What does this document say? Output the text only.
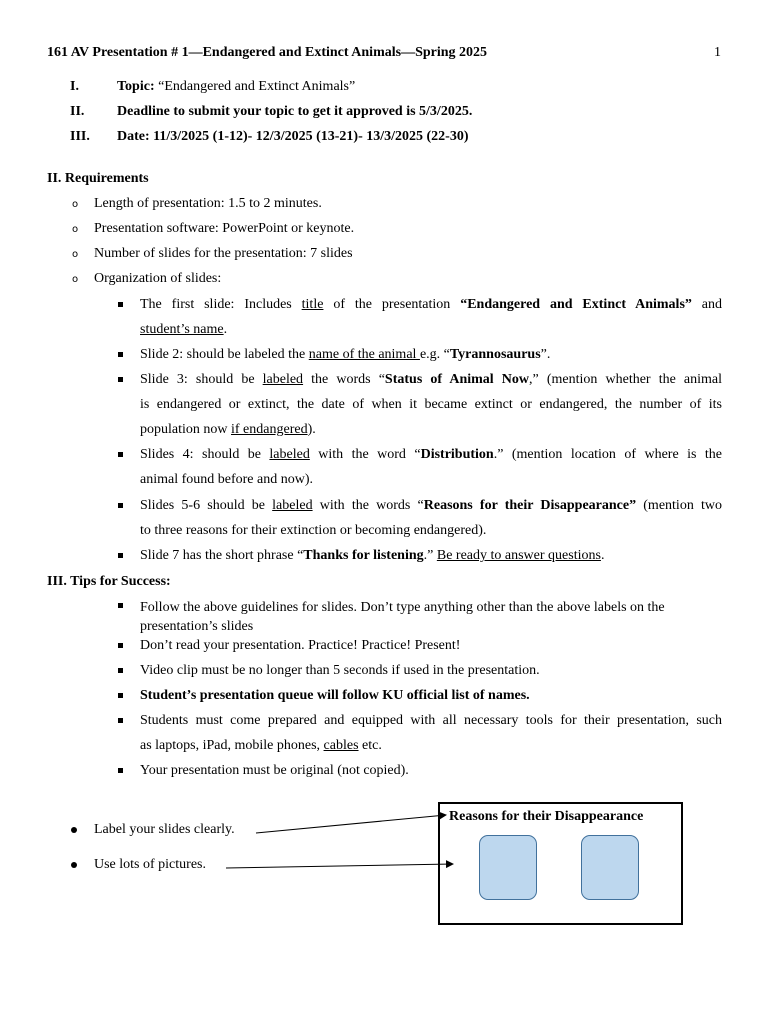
161 AV Presentation # 1—Endangered and Extinct Animals—Spring 2025	1
I.	Topic: “Endangered and Extinct Animals”
II. Deadline to submit your topic to get it approved is 5/3/2025.
III. Date: 11/3/2025 (1-12)- 12/3/2025 (13-21)- 13/3/2025 (22-30)
II. Requirements
o Length of presentation: 1.5 to 2 minutes.
o Presentation software: PowerPoint or keynote.
o Number of slides for the presentation: 7 slides
o Organization of slides:
The first slide: Includes title of the presentation “Endangered and Extinct Animals” and
student’s name.
Slide 2: should be labeled the name of the animal e.g. “Tyrannosaurus”.
Slide 3: should be labeled the words “Status of Animal Now,” (mention whether the animal
is endangered or extinct, the date of when it became extinct or endangered, the number of its
population now if endangered).
Slides 4: should be labeled with the word “Distribution.” (mention location of where is the
animal found before and now).
Slides 5-6 should be labeled with the words “Reasons for their Disappearance” (mention two
to three reasons for their extinction or becoming endangered).
Slide 7 has the short phrase “Thanks for listening.” Be ready to answer questions.
III. Tips for Success:
Follow the above guidelines for slides. Don’t type anything other than the above labels on the
presentation’s slides
Don’t read your presentation. Practice! Practice! Present!
Video clip must be no longer than 5 seconds if used in the presentation.
Student’s presentation queue will follow KU official list of names.
Students must come prepared and equipped with all necessary tools for their presentation, such
as laptops, iPad, mobile phones, cables etc.
Your presentation must be original (not copied).
Label your slides clearly.
Use lots of pictures.
Reasons for their Disappearance
